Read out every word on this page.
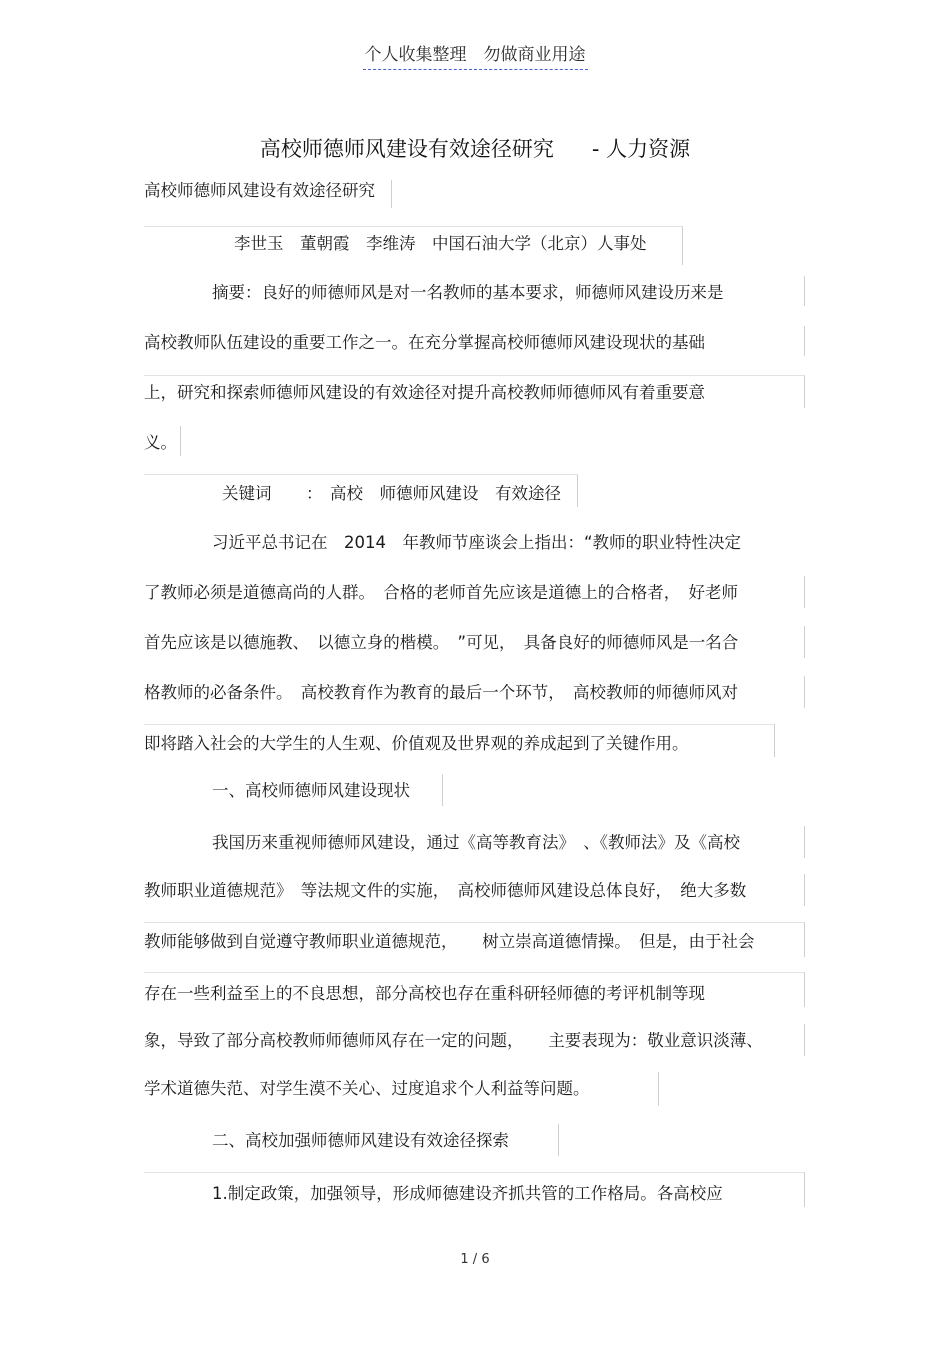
个人收集整理　勿做商业用途
高校师德师风建设有效途径研究 - 人力资源
高校师德师风建设有效途径研究
李世玉　董朝霞　李维涛　中国石油大学（北京）人事处
摘要：良好的师德师风是对一名教师的基本要求，师德师风建设历来是
高校教师队伍建设的重要工作之一。在充分掌握高校师德师风建设现状的基础
上，研究和探索师德师风建设的有效途径对提升高校教师师德师风有着重要意
义。
关键词 ： 高校　师德师风建设　有效途径
习近平总书记在　2014　年教师节座谈会上指出：“教师的职业特性决定
了教师必须是道德高尚的人群。　合格的老师首先应该是道德上的合格者，　好老师
首先应该是以德施教、　以德立身的楷模。　”可见，　具备良好的师德师风是一名合
格教师的必备条件。　高校教育作为教育的最后一个环节，　高校教师的师德师风对
即将踏入社会的大学生的人生观、价值观及世界观的养成起到了关键作用。
一、高校师德师风建设现状
我国历来重视师德师风建设，通过《高等教育法》　、《教师法》及《高校
教师职业道德规范》　等法规文件的实施，　高校师德师风建设总体良好，　绝大多数
教师能够做到自觉遵守教师职业道德规范，　　树立崇高道德情操。　但是，由于社会
存在一些利益至上的不良思想，部分高校也存在重科研轻师德的考评机制等现
象，导致了部分高校教师师德师风存在一定的问题，　　主要表现为：敬业意识淡薄、
学术道德失范、对学生漠不关心、过度追求个人利益等问题。
二、高校加强师德师风建设有效途径探索
1.制定政策，加强领导，形成师德建设齐抓共管的工作格局。各高校应
1 / 6
